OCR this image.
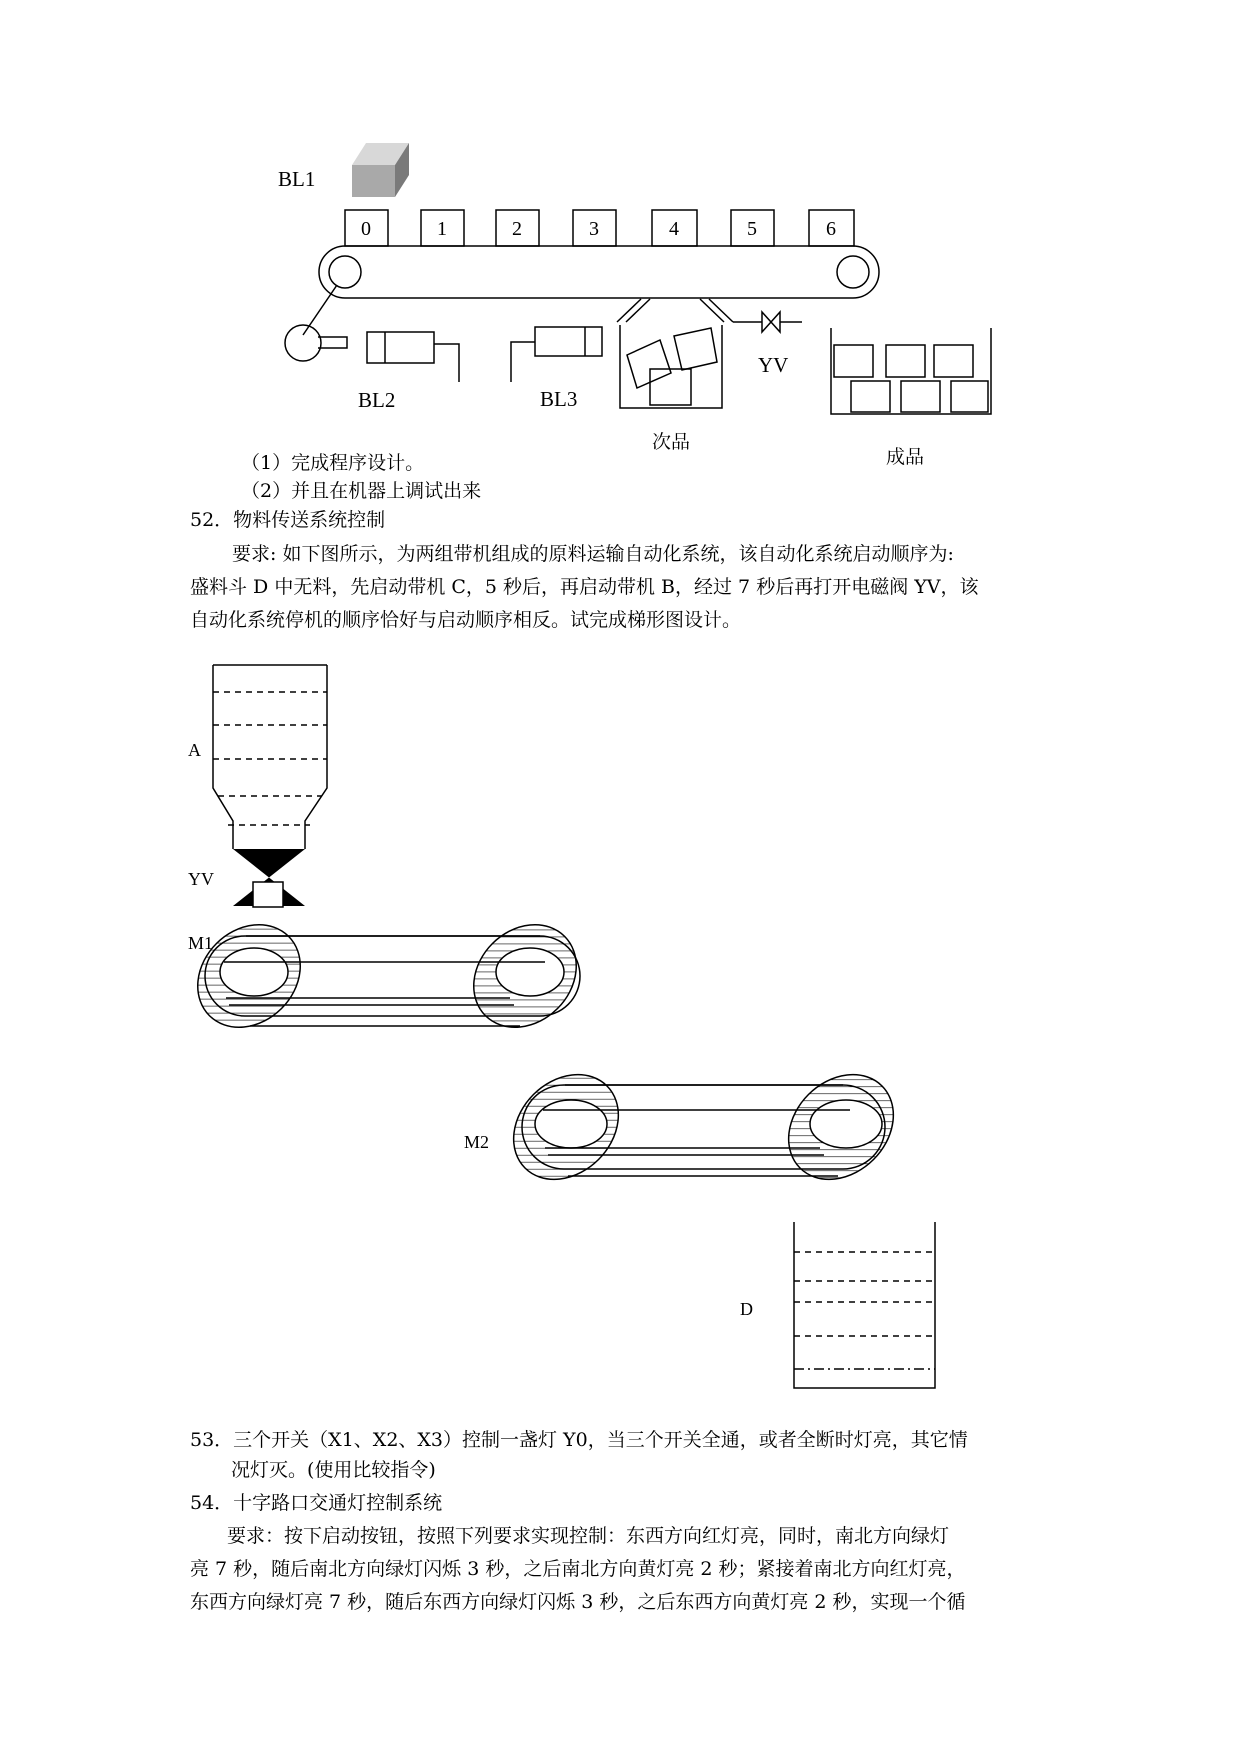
BL1
0	1	2	3	4	5	6
BL2	BL3
次品
YV
成品
A
YV
M1
M2
D
（1）完成程序设计。
（2）并且在机器上调试出来
52．物料传送系统控制
要求: 如下图所示，为两组带机组成的原料运输自动化系统，该自动化系统启动顺序为:
盛料斗 D 中无料，先启动带机 C，5 秒后，再启动带机 B，经过 7 秒后再打开电磁阀 YV，该
自动化系统停机的顺序恰好与启动顺序相反。试完成梯形图设计。
53．三个开关（X1、X2、X3）控制一盏灯 Y0，当三个开关全通，或者全断时灯亮，其它情
况灯灭。(使用比较指令)
54．十字路口交通灯控制系统
要求：按下启动按钮，按照下列要求实现控制：东西方向红灯亮，同时，南北方向绿灯
亮 7 秒，随后南北方向绿灯闪烁 3 秒，之后南北方向黄灯亮 2 秒；紧接着南北方向红灯亮，
东西方向绿灯亮 7 秒，随后东西方向绿灯闪烁 3 秒，之后东西方向黄灯亮 2 秒，实现一个循
